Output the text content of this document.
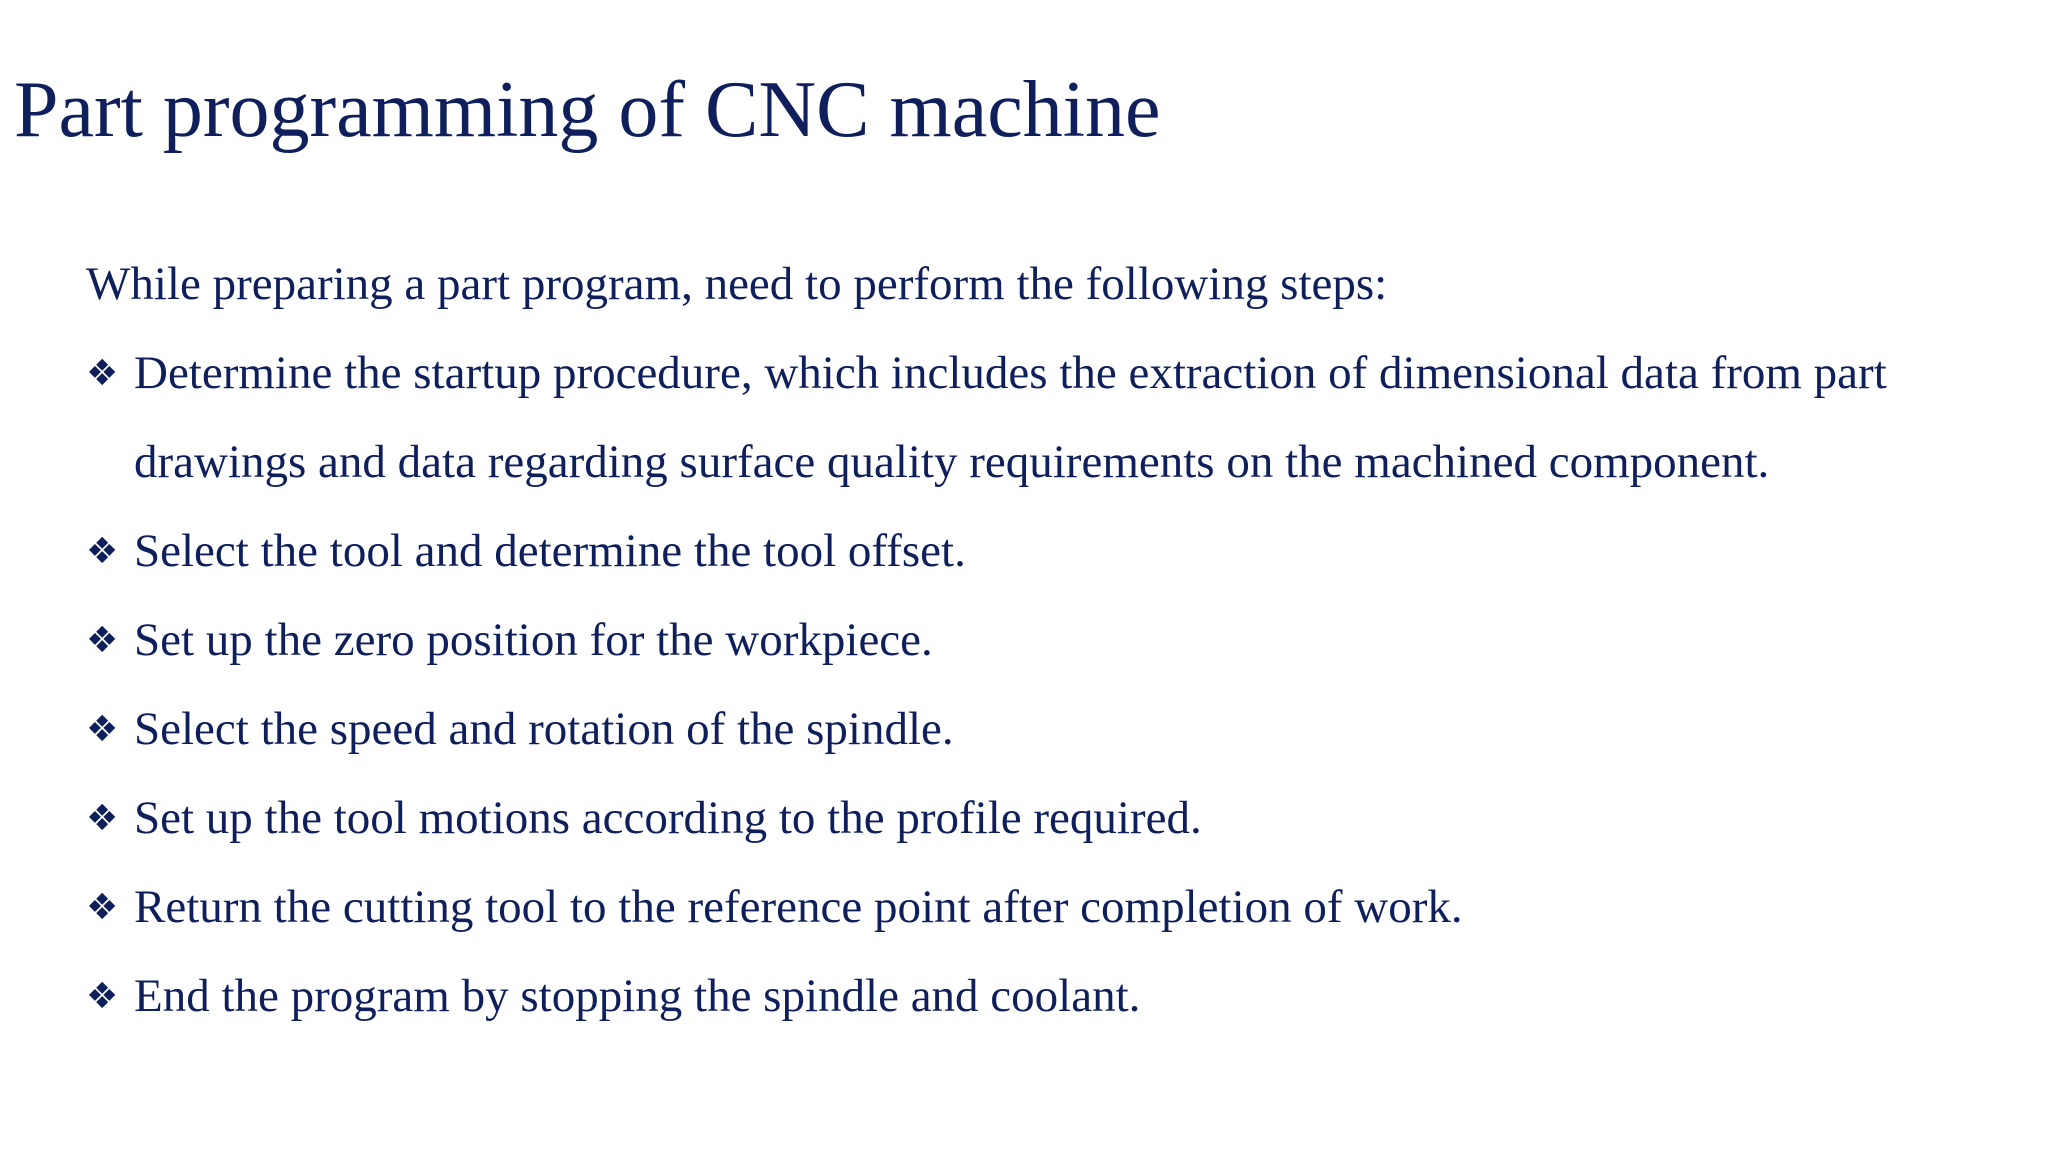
Part programming of CNC machine

While preparing a part program, need to perform the following steps:

❖ Determine the startup procedure, which includes the extraction of dimensional data from part drawings and data regarding surface quality requirements on the machined component.
❖ Select the tool and determine the tool offset.
❖ Set up the zero position for the workpiece.
❖ Select the speed and rotation of the spindle.
❖ Set up the tool motions according to the profile required.
❖ Return the cutting tool to the reference point after completion of work.
❖ End the program by stopping the spindle and coolant.
